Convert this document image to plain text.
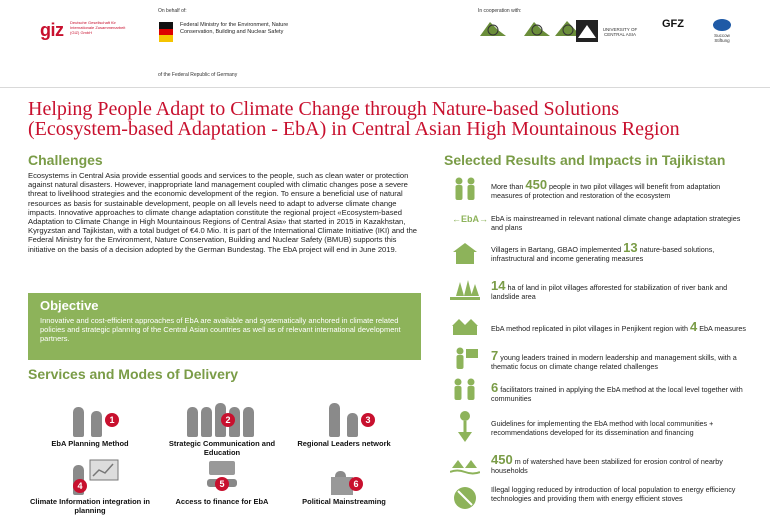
giz Deutsche Gesellschaft für Internationale Zusammenarbeit (GIZ) GmbH
On behalf of:
Federal Ministry for the Environment, Nature Conservation, Building and Nuclear Safety
of the Federal Republic of Germany
In cooperation with:
UNIVERSITY OF CENTRAL ASIA
GFZ
Succow Stiftung
Helping People Adapt to Climate Change through Nature-based Solutions
(Ecosystem-based Adaptation - EbA) in Central Asian High Mountainous Region
Challenges
Ecosystems in Central Asia provide essential goods and services to the people, such as clean water or protection against natural disasters. However, inappropriate land management coupled with climatic changes pose a severe threat to livelihood strategies and the economic development of the region. To ensure a beneficial use of natural resources as basis for sustainable development, people on all levels need to adapt to adverse climate change impacts. Innovative approaches to climate change adaptation constitute the regional project «Ecosystem-based Adaptation to Climate Change in High Mountainous Regions of Central Asia» that started in 2015 in Kazakhstan, Kyrgyzstan and Tajikistan, with a total budget of €4.0 Mio. It is part of the International Climate Initiative (IKI) and the Federal Ministry for the Environment, Nature Conservation, Building and Nuclear Safety (BMUB) supports this initiative on the basis of a decision adopted by the German Bundestag. The EbA project will end in June 2019.
Objective
Innovative and cost-efficient approaches of EbA are available and systematically anchored in climate related policies and strategic planning of the Central Asian countries as well as of relevant international development partners.
Services and Modes of Delivery
1
EbA Planning Method
2
Strategic Communication and Education
3
Regional Leaders network
4
Climate Information integration in planning
5
Access to finance for EbA
6
Political Mainstreaming
Selected Results and Impacts in Tajikistan
More than 450 people in two pilot villages will benefit from adaptation measures of protection and restoration of the ecosystem
←EbA→ EbA is mainstreamed in relevant national climate change adaptation strategies and plans
Villagers in Bartang, GBAO implemented 13 nature-based solutions, infrastructural and income generating measures
14 ha of land in pilot villages afforested for stabilization of river bank and landslide area
EbA method replicated in pilot villages in Penjikent region with 4 EbA measures
7 young leaders trained in modern leadership and management skills, with a thematic focus on climate change related challenges
6 facilitators trained in applying the EbA method at the local level together with communities
Guidelines for implementing the EbA method with local communities + recommendations developed for its dissemination and financing
450 m of watershed have been stabilized for erosion control of nearby households
Illegal logging reduced by introduction of local population to energy efficiency technologies and providing them with energy efficient stoves
